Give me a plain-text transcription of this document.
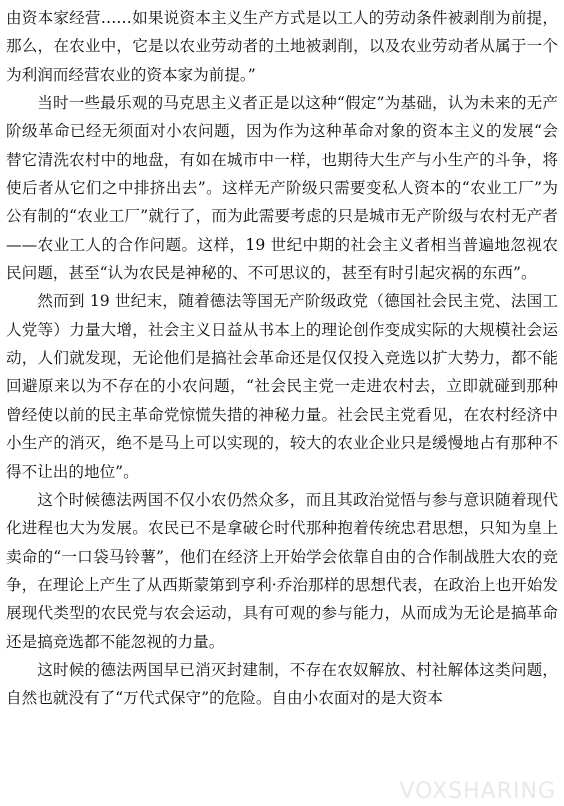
由资本家经营……如果说资本主义生产方式是以工人的劳动条件被剥削为前提，那么，在农业中，它是以农业劳动者的土地被剥削，以及农业劳动者从属于一个为利润而经营农业的资本家为前提。”

当时一些最乐观的马克思主义者正是以这种“假定”为基础，认为未来的无产阶级革命已经无须面对小农问题，因为作为这种革命对象的资本主义的发展“会替它清洗农村中的地盘，有如在城市中一样，也期待大生产与小生产的斗争，将使后者从它们之中排挤出去”。这样无产阶级只需要变私人资本的“农业工厂”为公有制的“农业工厂”就行了，而为此需要考虑的只是城市无产阶级与农村无产者——农业工人的合作问题。这样，19 世纪中期的社会主义者相当普遍地忽视农民问题，甚至“认为农民是神秘的、不可思议的，甚至有时引起灾祸的东西”。

然而到 19 世纪末，随着德法等国无产阶级政党（德国社会民主党、法国工人党等）力量大增，社会主义日益从书本上的理论创作变成实际的大规模社会运动，人们就发现，无论他们是搞社会革命还是仅仅投入竞选以扩大势力，都不能回避原来以为不存在的小农问题，“社会民主党一走进农村去，立即就碰到那种曾经使以前的民主革命党惊慌失措的神秘力量。社会民主党看见，在农村经济中小生产的消灭，绝不是马上可以实现的，较大的农业企业只是缓慢地占有那种不得不让出的地位”。

这个时候德法两国不仅小农仍然众多，而且其政治觉悟与参与意识随着现代化进程也大为发展。农民已不是拿破仑时代那种抱着传统忠君思想，只知为皇上卖命的“一口袋马铃薯”，他们在经济上开始学会依靠自由的合作制战胜大农的竞争，在理论上产生了从西斯蒙第到亨利·乔治那样的思想代表，在政治上也开始发展现代类型的农民党与农会运动，具有可观的参与能力，从而成为无论是搞革命还是搞竞选都不能忽视的力量。

这时候的德法两国早已消灭封建制，不存在农奴解放、村社解体这类问题，自然也就没有了“万代式保守”的危险。自由小农面对的是大资本

VOXSHARING
